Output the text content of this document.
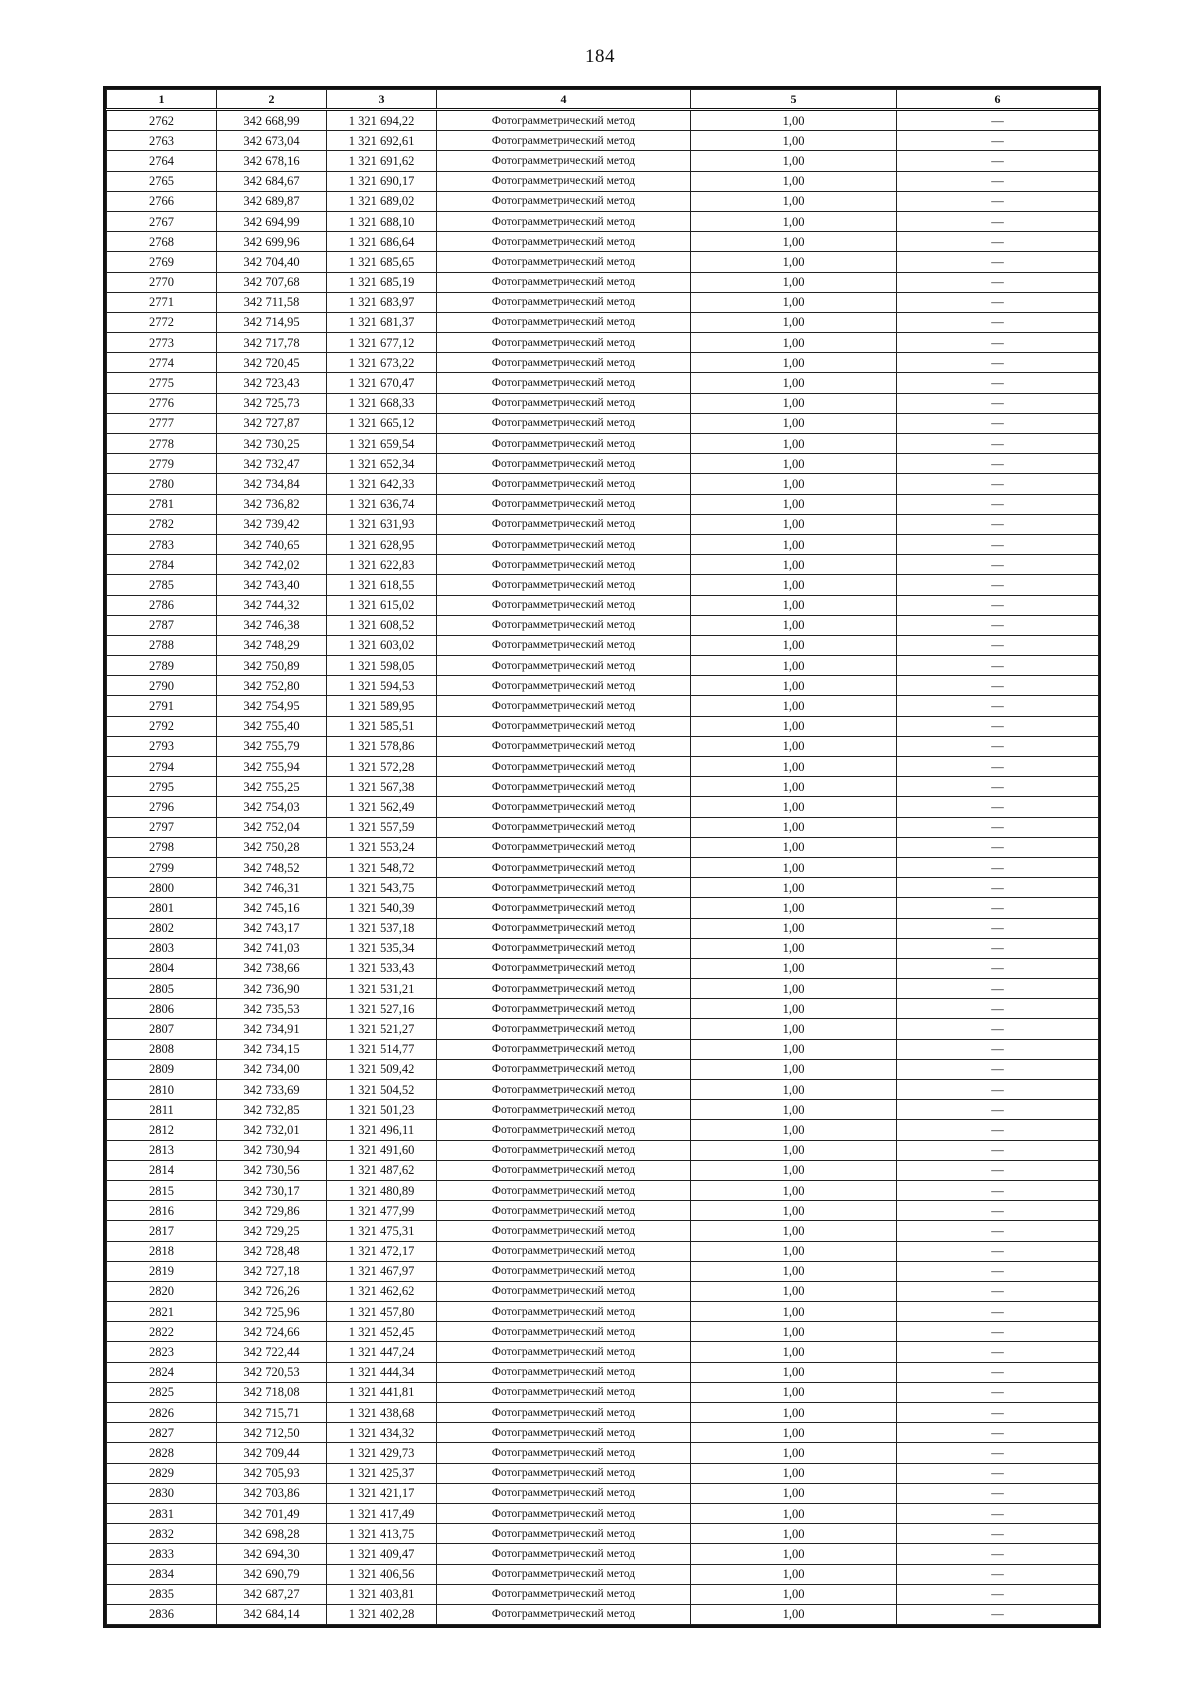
184
1	2	3	4	5	6
2762	342 668,99	1 321 694,22	Фотограмметрический метод	1,00	—
2763	342 673,04	1 321 692,61	Фотограмметрический метод	1,00	—
2764	342 678,16	1 321 691,62	Фотограмметрический метод	1,00	—
2765	342 684,67	1 321 690,17	Фотограмметрический метод	1,00	—
2766	342 689,87	1 321 689,02	Фотограмметрический метод	1,00	—
2767	342 694,99	1 321 688,10	Фотограмметрический метод	1,00	—
2768	342 699,96	1 321 686,64	Фотограмметрический метод	1,00	—
2769	342 704,40	1 321 685,65	Фотограмметрический метод	1,00	—
2770	342 707,68	1 321 685,19	Фотограмметрический метод	1,00	—
2771	342 711,58	1 321 683,97	Фотограмметрический метод	1,00	—
2772	342 714,95	1 321 681,37	Фотограмметрический метод	1,00	—
2773	342 717,78	1 321 677,12	Фотограмметрический метод	1,00	—
2774	342 720,45	1 321 673,22	Фотограмметрический метод	1,00	—
2775	342 723,43	1 321 670,47	Фотограмметрический метод	1,00	—
2776	342 725,73	1 321 668,33	Фотограмметрический метод	1,00	—
2777	342 727,87	1 321 665,12	Фотограмметрический метод	1,00	—
2778	342 730,25	1 321 659,54	Фотограмметрический метод	1,00	—
2779	342 732,47	1 321 652,34	Фотограмметрический метод	1,00	—
2780	342 734,84	1 321 642,33	Фотограмметрический метод	1,00	—
2781	342 736,82	1 321 636,74	Фотограмметрический метод	1,00	—
2782	342 739,42	1 321 631,93	Фотограмметрический метод	1,00	—
2783	342 740,65	1 321 628,95	Фотограмметрический метод	1,00	—
2784	342 742,02	1 321 622,83	Фотограмметрический метод	1,00	—
2785	342 743,40	1 321 618,55	Фотограмметрический метод	1,00	—
2786	342 744,32	1 321 615,02	Фотограмметрический метод	1,00	—
2787	342 746,38	1 321 608,52	Фотограмметрический метод	1,00	—
2788	342 748,29	1 321 603,02	Фотограмметрический метод	1,00	—
2789	342 750,89	1 321 598,05	Фотограмметрический метод	1,00	—
2790	342 752,80	1 321 594,53	Фотограмметрический метод	1,00	—
2791	342 754,95	1 321 589,95	Фотограмметрический метод	1,00	—
2792	342 755,40	1 321 585,51	Фотограмметрический метод	1,00	—
2793	342 755,79	1 321 578,86	Фотограмметрический метод	1,00	—
2794	342 755,94	1 321 572,28	Фотограмметрический метод	1,00	—
2795	342 755,25	1 321 567,38	Фотограмметрический метод	1,00	—
2796	342 754,03	1 321 562,49	Фотограмметрический метод	1,00	—
2797	342 752,04	1 321 557,59	Фотограмметрический метод	1,00	—
2798	342 750,28	1 321 553,24	Фотограмметрический метод	1,00	—
2799	342 748,52	1 321 548,72	Фотограмметрический метод	1,00	—
2800	342 746,31	1 321 543,75	Фотограмметрический метод	1,00	—
2801	342 745,16	1 321 540,39	Фотограмметрический метод	1,00	—
2802	342 743,17	1 321 537,18	Фотограмметрический метод	1,00	—
2803	342 741,03	1 321 535,34	Фотограмметрический метод	1,00	—
2804	342 738,66	1 321 533,43	Фотограмметрический метод	1,00	—
2805	342 736,90	1 321 531,21	Фотограмметрический метод	1,00	—
2806	342 735,53	1 321 527,16	Фотограмметрический метод	1,00	—
2807	342 734,91	1 321 521,27	Фотограмметрический метод	1,00	—
2808	342 734,15	1 321 514,77	Фотограмметрический метод	1,00	—
2809	342 734,00	1 321 509,42	Фотограмметрический метод	1,00	—
2810	342 733,69	1 321 504,52	Фотограмметрический метод	1,00	—
2811	342 732,85	1 321 501,23	Фотограмметрический метод	1,00	—
2812	342 732,01	1 321 496,11	Фотограмметрический метод	1,00	—
2813	342 730,94	1 321 491,60	Фотограмметрический метод	1,00	—
2814	342 730,56	1 321 487,62	Фотограмметрический метод	1,00	—
2815	342 730,17	1 321 480,89	Фотограмметрический метод	1,00	—
2816	342 729,86	1 321 477,99	Фотограмметрический метод	1,00	—
2817	342 729,25	1 321 475,31	Фотограмметрический метод	1,00	—
2818	342 728,48	1 321 472,17	Фотограмметрический метод	1,00	—
2819	342 727,18	1 321 467,97	Фотограмметрический метод	1,00	—
2820	342 726,26	1 321 462,62	Фотограмметрический метод	1,00	—
2821	342 725,96	1 321 457,80	Фотограмметрический метод	1,00	—
2822	342 724,66	1 321 452,45	Фотограмметрический метод	1,00	—
2823	342 722,44	1 321 447,24	Фотограмметрический метод	1,00	—
2824	342 720,53	1 321 444,34	Фотограмметрический метод	1,00	—
2825	342 718,08	1 321 441,81	Фотограмметрический метод	1,00	—
2826	342 715,71	1 321 438,68	Фотограмметрический метод	1,00	—
2827	342 712,50	1 321 434,32	Фотограмметрический метод	1,00	—
2828	342 709,44	1 321 429,73	Фотограмметрический метод	1,00	—
2829	342 705,93	1 321 425,37	Фотограмметрический метод	1,00	—
2830	342 703,86	1 321 421,17	Фотограмметрический метод	1,00	—
2831	342 701,49	1 321 417,49	Фотограмметрический метод	1,00	—
2832	342 698,28	1 321 413,75	Фотограмметрический метод	1,00	—
2833	342 694,30	1 321 409,47	Фотограмметрический метод	1,00	—
2834	342 690,79	1 321 406,56	Фотограмметрический метод	1,00	—
2835	342 687,27	1 321 403,81	Фотограмметрический метод	1,00	—
2836	342 684,14	1 321 402,28	Фотограмметрический метод	1,00	—
